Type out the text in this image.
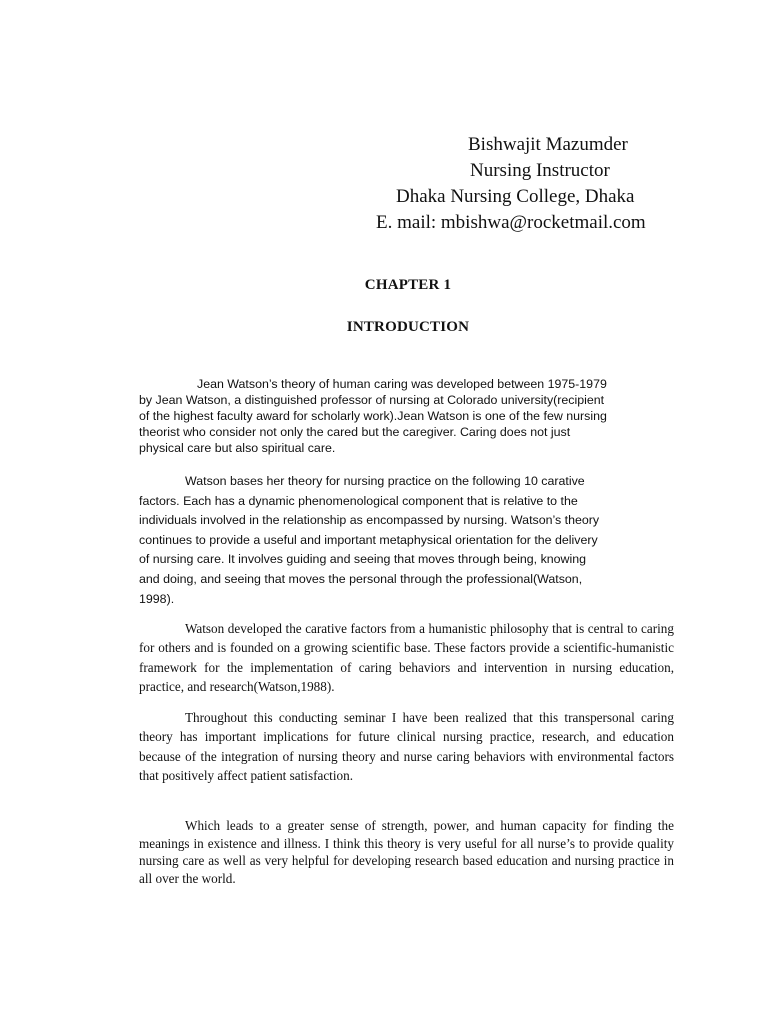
Bishwajit Mazumder
Nursing Instructor
Dhaka Nursing College, Dhaka
E. mail: mbishwa@rocketmail.com
CHAPTER 1
INTRODUCTION
Jean Watson’s theory of human caring was developed between 1975-1979
by Jean Watson, a distinguished professor of nursing at Colorado university(recipient
of the highest faculty award for scholarly work).Jean Watson is one of the few nursing
theorist who consider not only the cared but the caregiver. Caring does not just
physical care but also spiritual care.
Watson bases her theory for nursing practice on the following 10 carative
factors. Each has a dynamic phenomenological component that is relative to the
individuals involved in the relationship as encompassed by nursing. Watson’s theory
continues to provide a useful and important metaphysical orientation for the delivery
of nursing care. It involves guiding and seeing that moves through being, knowing
and doing, and seeing that moves the personal through the professional(Watson,
1998).
Watson developed the carative factors from a humanistic philosophy that is central to caring for others and is founded on a growing scientific base. These factors provide a scientific-humanistic framework for the implementation of caring behaviors and intervention in nursing education, practice, and research(Watson,1988).
Throughout this conducting seminar I have been realized that this transpersonal caring theory has important implications for future clinical nursing practice, research, and education because of the integration of nursing theory and nurse caring behaviors with environmental factors that positively affect patient satisfaction.
Which leads to a greater sense of strength, power, and human capacity for finding the meanings in existence and illness. I think this theory is very useful for all nurse’s to provide quality nursing care as well as very helpful for developing research based education and nursing practice in all over the world.
